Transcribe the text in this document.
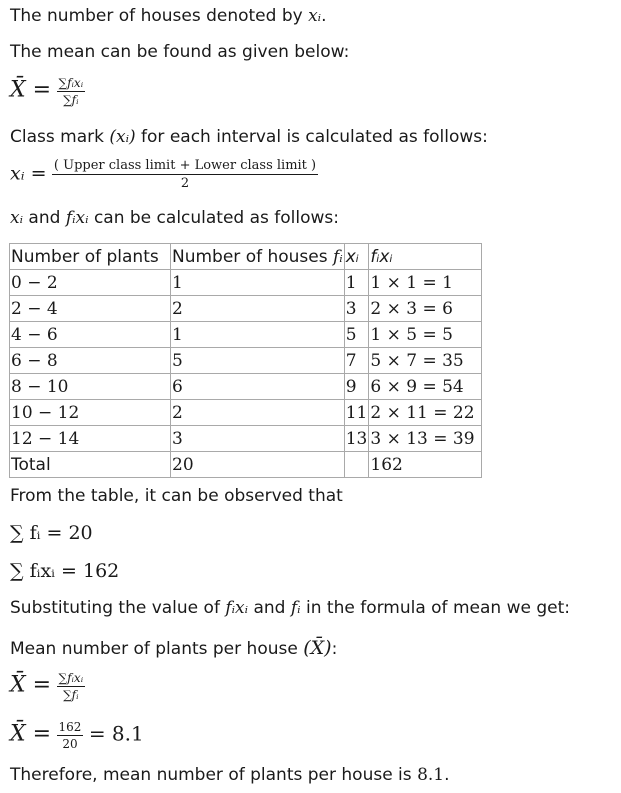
The number of houses denoted by xᵢ.
The mean can be found as given below:
X̄ = $\frac{\text{∑fᵢxᵢ}}{\text{∑fᵢ}}$
Class mark (xᵢ) for each interval is calculated as follows:
xᵢ = $\frac{\text{( Upper class limit + Lower class limit )}}{2}$
xᵢ and fᵢxᵢ can be calculated as follows:
Number of plants	Number of houses fᵢ	xᵢ	fᵢxᵢ
0 − 2	1	1	1 × 1 = 1
2 − 4	2	3	2 × 3 = 6
4 − 6	1	5	1 × 5 = 5
6 − 8	5	7	5 × 7 = 35
8 − 10	6	9	6 × 9 = 54
10 − 12	2	11	2 × 11 = 22
12 − 14	3	13	3 × 13 = 39
Total	20		162
From the table, it can be observed that
∑ fᵢ = 20
∑ fᵢxᵢ = 162
Substituting the value of fᵢxᵢ and fᵢ in the formula of mean we get:
Mean number of plants per house (X̄):
X̄ = $\frac{\text{∑fᵢxᵢ}}{\text{∑fᵢ}}$
X̄ = $\frac{162}{20} = 8.1$
Therefore, mean number of plants per house is 8.1.
